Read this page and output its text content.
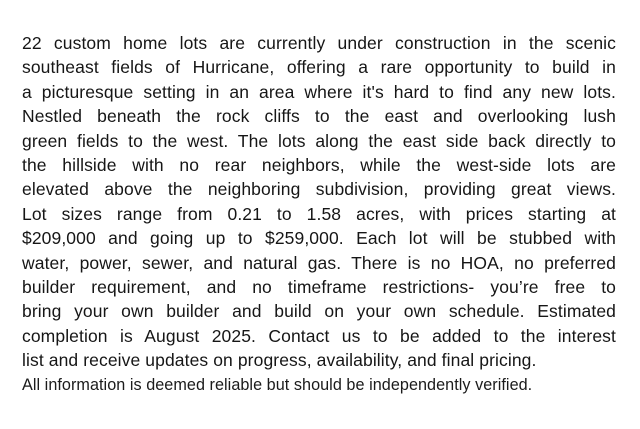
22 custom home lots are currently under construction in the scenic
southeast fields of Hurricane, offering a rare opportunity to build in
a picturesque setting in an area where it's hard to find any new lots.
Nestled beneath the rock cliffs to the east and overlooking lush
green fields to the west. The lots along the east side back directly to
the hillside with no rear neighbors, while the west-side lots are
elevated above the neighboring subdivision, providing great views.
Lot sizes range from 0.21 to 1.58 acres, with prices starting at
$209,000 and going up to $259,000. Each lot will be stubbed with
water, power, sewer, and natural gas. There is no HOA, no preferred
builder requirement, and no timeframe restrictions- you’re free to
bring your own builder and build on your own schedule. Estimated
completion is August 2025. Contact us to be added to the interest
list and receive updates on progress, availability, and final pricing.
All information is deemed reliable but should be independently verified.
